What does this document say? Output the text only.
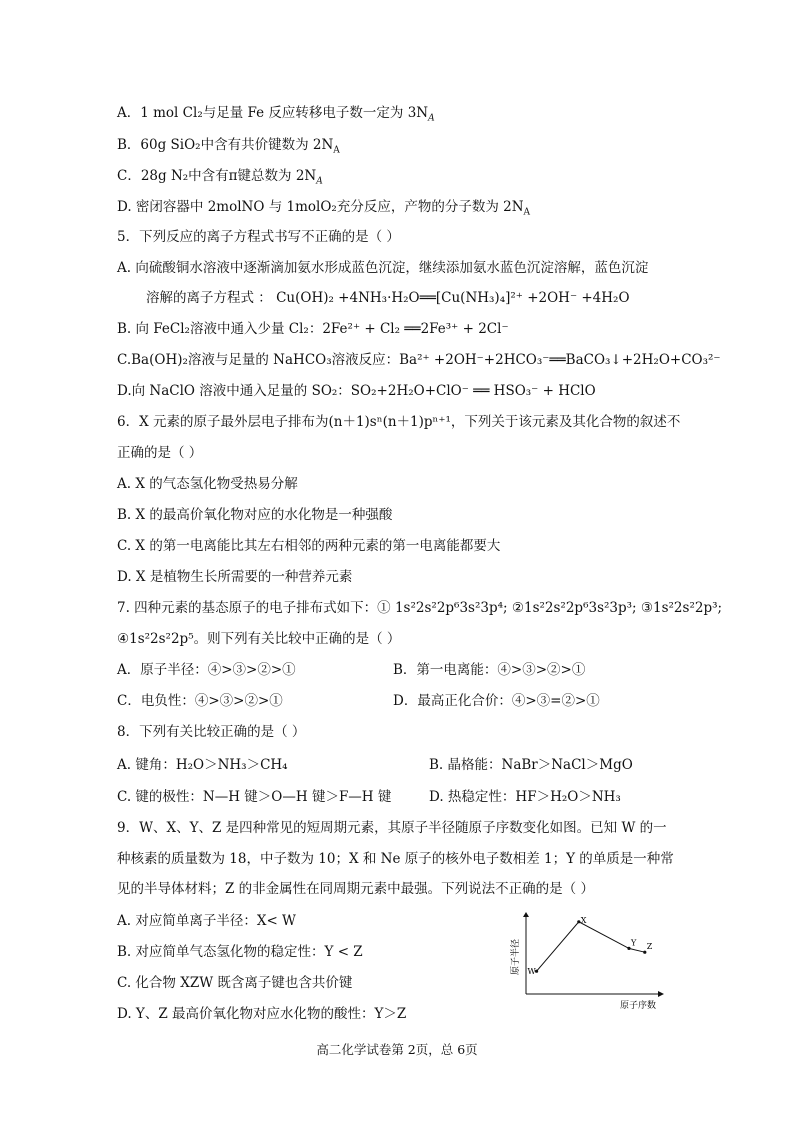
A．1 mol Cl₂与足量 Fe 反应转移电子数一定为 $3N_A$
B．60g SiO₂中含有共价键数为 $2N_A$
C．28g N₂中含有π键总数为 $2N_A$
D. 密闭容器中 2molNO 与 1molO₂充分反应，产物的分子数为 $2N_A$
5．下列反应的离子方程式书写不正确的是（ ）
A. 向硫酸铜水溶液中逐渐滴加氨水形成蓝色沉淀，继续添加氨水蓝色沉淀溶解，蓝色沉淀
溶解的离子方程式 ： Cu(OH)₂ +4NH₃·H₂O══[Cu(NH₃)₄]²⁺ +2OH⁻ +4H₂O
B. 向 FeCl₂溶液中通入少量 Cl₂：2Fe²⁺ + Cl₂ ══2Fe³⁺ + 2Cl⁻
C.Ba(OH)₂溶液与足量的 NaHCO₃溶液反应：Ba²⁺ +2OH⁻+2HCO₃⁻══BaCO₃↓+2H₂O+CO₃²⁻
D.向 NaClO 溶液中通入足量的 SO₂：SO₂+2H₂O+ClO⁻ ══ HSO₃⁻ + HClO
6．X 元素的原子最外层电子排布为(n＋1)sⁿ(n＋1)pⁿ⁺¹，下列关于该元素及其化合物的叙述不
正确的是（ ）
A. X 的气态氢化物受热易分解
B. X 的最高价氧化物对应的水化物是一种强酸
C. X 的第一电离能比其左右相邻的两种元素的第一电离能都要大
D. X 是植物生长所需要的一种营养元素
7. 四种元素的基态原子的电子排布式如下：① 1s²2s²2p⁶3s²3p⁴; ②1s²2s²2p⁶3s²3p³; ③1s²2s²2p³;
④1s²2s²2p⁵。则下列有关比较中正确的是（ ）
A．原子半径：④>③>②>①	B．第一电离能：④>③>②>①
C．电负性：④>③>②>①	D．最高正化合价：④>③=②>①
8．下列有关比较正确的是（ ）
A. 键角：H₂O＞NH₃＞CH₄	B. 晶格能：NaBr＞NaCl＞MgO
C. 键的极性：N—H 键＞O—H 键＞F—H 键	D. 热稳定性：HF＞H₂O＞NH₃
9．W、X、Y、Z 是四种常见的短周期元素，其原子半径随原子序数变化如图。已知 W 的一
种核素的质量数为 18，中子数为 10；X 和 Ne 原子的核外电子数相差 1；Y 的单质是一种常
见的半导体材料；Z 的非金属性在同周期元素中最强。下列说法不正确的是（ ）
A. 对应简单离子半径：X< W
B. 对应简单气态氢化物的稳定性：Y < Z
C. 化合物 XZW 既含离子键也含共价键
D. Y、Z 最高价氧化物对应水化物的酸性：Y＞Z
原子半径
原子序数
W
X
Y Z
高二化学试卷第 2页，总 6页
